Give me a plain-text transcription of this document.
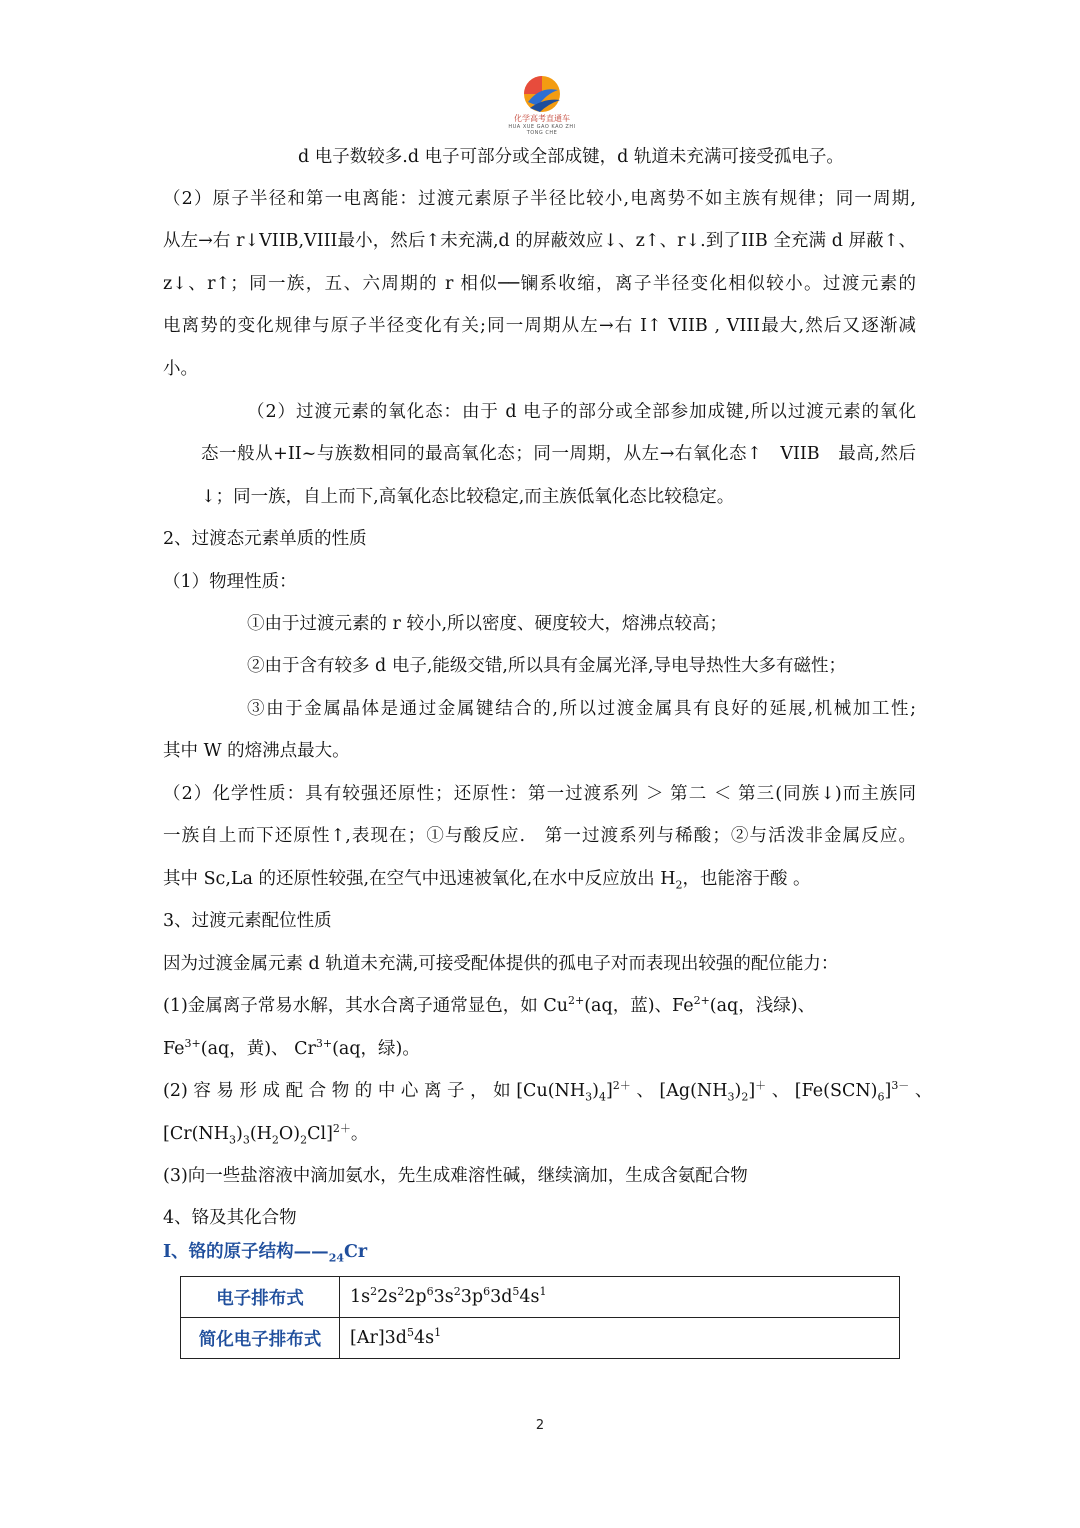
化学高考直通车
HUA XUE GAO KAO ZHI TONG CHE
d 电子数较多.d 电子可部分或全部成键，d 轨道未充满可接受孤电子。
（2）原子半径和第一电离能：过渡元素原子半径比较小,电离势不如主族有规律；同一周期,
从左→右 r↓VIIB,VIII最小，然后↑未充满,d 的屏蔽效应↓、z↑、r↓.到了IIB 全充满 d 屏蔽↑、
z↓、r↑；同一族，五、六周期的 r 相似──镧系收缩，离子半径变化相似较小。过渡元素的
电离势的变化规律与原子半径变化有关;同一周期从左→右 I↑ VIIB , VIII最大,然后又逐渐减
小。
（2）过渡元素的氧化态：由于 d 电子的部分或全部参加成键,所以过渡元素的氧化
态一般从+II~与族数相同的最高氧化态；同一周期，从左→右氧化态↑　VIIB　最高,然后
↓；同一族，自上而下,高氧化态比较稳定,而主族低氧化态比较稳定。
2、过渡态元素单质的性质
（1）物理性质：
①由于过渡元素的 r 较小,所以密度、硬度较大，熔沸点较高；
②由于含有较多 d 电子,能级交错,所以具有金属光泽,导电导热性大多有磁性；
③由于金属晶体是通过金属键结合的,所以过渡金属具有良好的延展,机械加工性;
其中 W 的熔沸点最大。
（2）化学性质：具有较强还原性；还原性：第一过渡系列 ＞ 第二 ＜ 第三(同族↓)而主族同
一族自上而下还原性↑,表现在；①与酸反应.　第一过渡系列与稀酸；②与活泼非金属反应。
其中 Sc,La 的还原性较强,在空气中迅速被氧化,在水中反应放出 $H_2$，也能溶于酸 。
3、过渡元素配位性质
因为过渡金属元素 d 轨道未充满,可接受配体提供的孤电子对而表现出较强的配位能力：
(1)金属离子常易水解，其水合离子通常显色，如 $Cu^{2+}(aq$，蓝)、$Fe^{2+}(aq$，浅绿)、
$Fe^{3+}(aq$，黄)、 $Cr^{3+}(aq$，绿)。
(2) 容 易 形 成 配 合 物 的 中 心 离 子 ， 如 $[Cu(NH_3)_4]^{2+}$ 、 $[Ag(NH_3)_2]^+$ 、 $[Fe(SCN)_6]^{3-}$ 、
$[Cr(NH_3)_3(H_2O)_2Cl]^{2+}$。
(3)向一些盐溶液中滴加氨水，先生成难溶性碱，继续滴加，生成含氨配合物
4、铬及其化合物
I、铬的原子结构$——_{24}Cr$
电子排布式	$1s^22s^22p^63s^23p^63d^54s^1$
简化电子排布式	$[Ar]3d^54s^1$
2
